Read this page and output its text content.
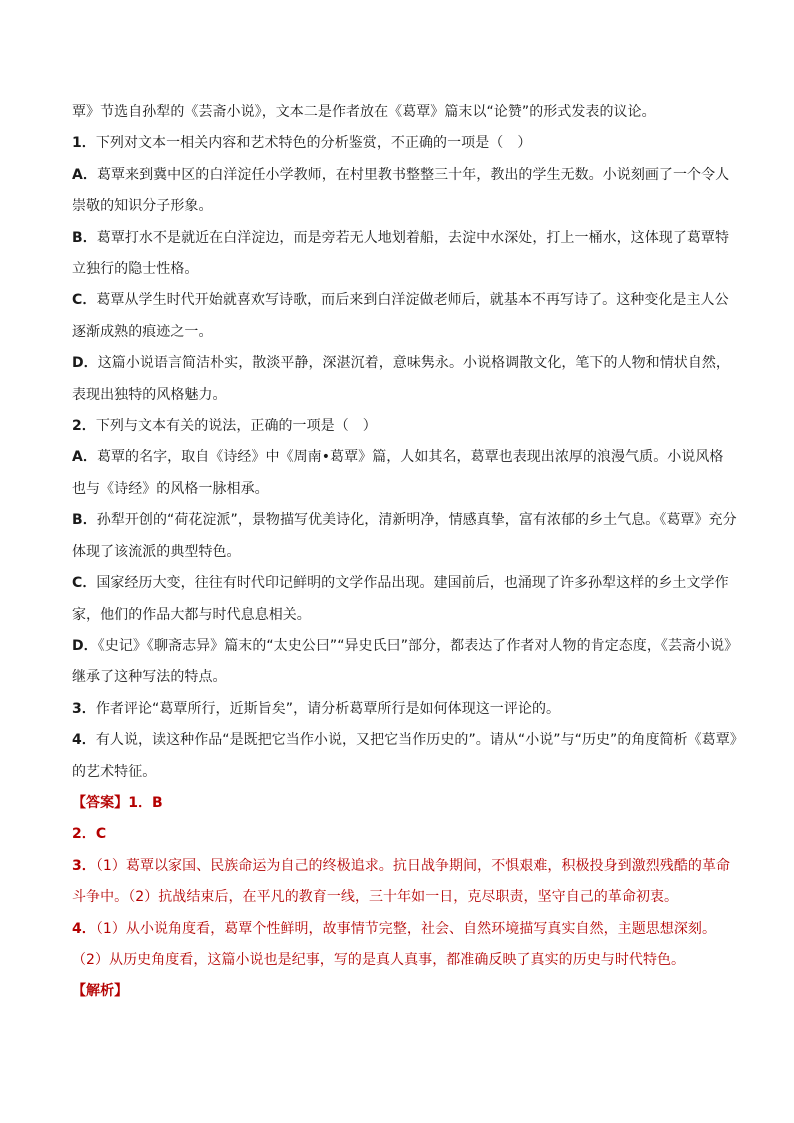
覃》节选自孙犁的《芸斋小说》，文本二是作者放在《葛覃》篇末以“论赞”的形式发表的议论。
1．下列对文本一相关内容和艺术特色的分析鉴赏，不正确的一项是（　）
A．葛覃来到冀中区的白洋淀任小学教师，在村里教书整整三十年，教出的学生无数。小说刻画了一个令人
崇敬的知识分子形象。
B．葛覃打水不是就近在白洋淀边，而是旁若无人地划着船，去淀中水深处，打上一桶水，这体现了葛覃特
立独行的隐士性格。
C．葛覃从学生时代开始就喜欢写诗歌，而后来到白洋淀做老师后，就基本不再写诗了。这种变化是主人公
逐渐成熟的痕迹之一。
D．这篇小说语言简洁朴实，散淡平静，深湛沉着，意味隽永。小说格调散文化，笔下的人物和情状自然，
表现出独特的风格魅力。
2．下列与文本有关的说法，正确的一项是（　）
A．葛覃的名字，取自《诗经》中《周南•葛覃》篇，人如其名，葛覃也表现出浓厚的浪漫气质。小说风格
也与《诗经》的风格一脉相承。
B．孙犁开创的“荷花淀派”，景物描写优美诗化，清新明净，情感真挚，富有浓郁的乡土气息。《葛覃》充分
体现了该流派的典型特色。
C．国家经历大变，往往有时代印记鲜明的文学作品出现。建国前后，也涌现了许多孙犁这样的乡土文学作
家，他们的作品大都与时代息息相关。
D．《史记》《聊斋志异》篇末的“太史公曰”“异史氏曰”部分，都表达了作者对人物的肯定态度，《芸斋小说》
继承了这种写法的特点。
3．作者评论“葛覃所行，近斯旨矣”，请分析葛覃所行是如何体现这一评论的。
4．有人说，读这种作品“是既把它当作小说，又把它当作历史的”。请从“小说”与“历史”的角度简析《葛覃》
的艺术特征。
【答案】1．B
2．C
3．（1）葛覃以家国、民族命运为自己的终极追求。抗日战争期间，不惧艰难，积极投身到激烈残酷的革命
斗争中。（2）抗战结束后，在平凡的教育一线，三十年如一日，克尽职责，坚守自己的革命初衷。
4．（1）从小说角度看，葛覃个性鲜明，故事情节完整，社会、自然环境描写真实自然，主题思想深刻。
（2）从历史角度看，这篇小说也是纪事，写的是真人真事，都准确反映了真实的历史与时代特色。
【解析】
